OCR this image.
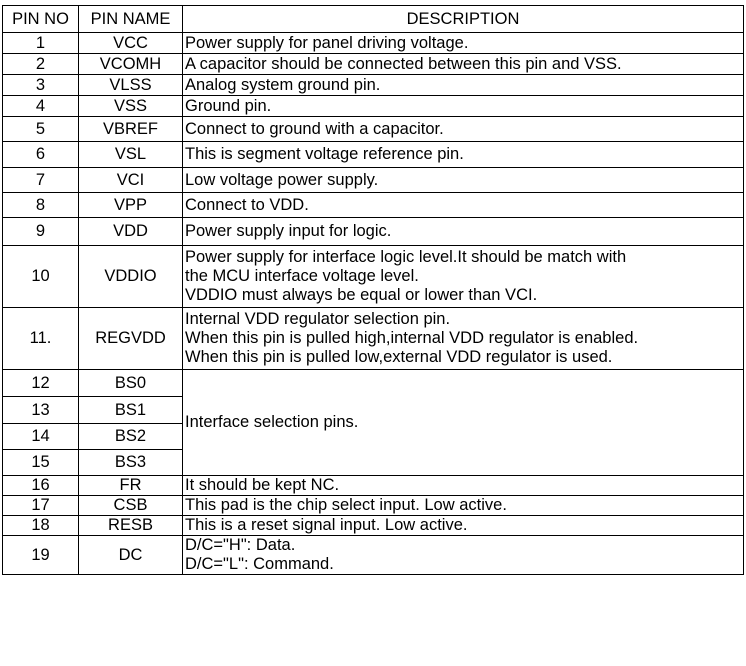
PIN NO	PIN NAME	DESCRIPTION
1	VCC	Power supply for panel driving voltage.

2	VCOMH	A capacitor should be connected between this pin and VSS.

3	VLSS	Analog system ground pin.

4	VSS	Ground pin.

5	VBREF	Connect to ground with a capacitor.

6	VSL	This is segment voltage reference pin.

7	VCI	Low voltage power supply.

8	VPP	Connect to VDD.

9	VDD	Power supply input for logic.

10	VDDIO	Power supply for interface logic level.It should be match with
the MCU interface voltage level.
VDDIO must always be equal or lower than VCI.

11.	REGVDD	Internal VDD regulator selection pin.
When this pin is pulled high,internal VDD regulator is enabled.
When this pin is pulled low,external VDD regulator is used.

12	BS0	Interface selection pins.

13	BS1	
14	BS2	
15	BS3	
16	FR	It should be kept NC.

17	CSB	This pad is the chip select input. Low active.

18	RESB	This is a reset signal input. Low active.

19	DC	D/C="H": Data.
D/C="L": Command.
